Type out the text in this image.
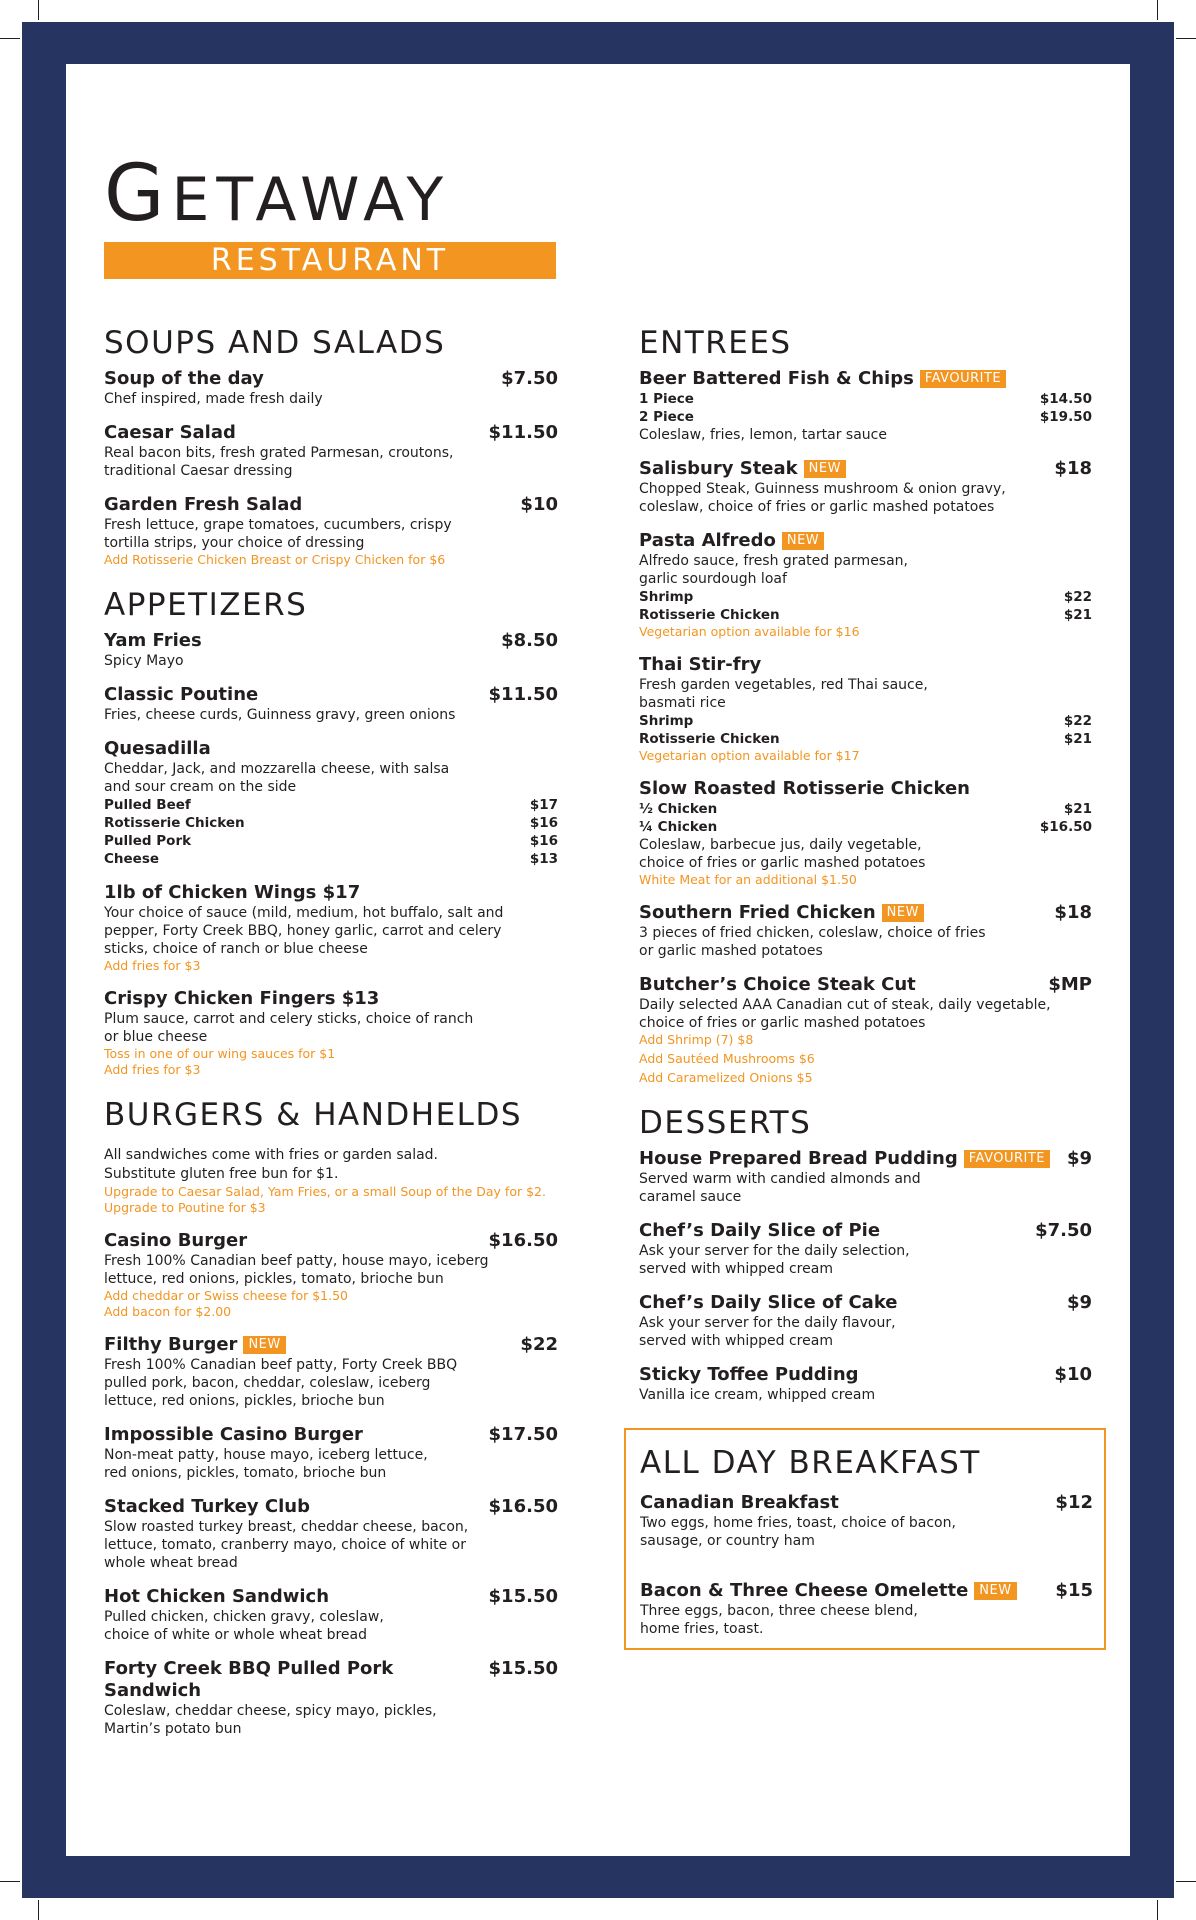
GETAWAY
RESTAURANT
SOUPS AND SALADS
Soup of the day	$7.50
Chef inspired, made fresh daily
Caesar Salad	$11.50
Real bacon bits, fresh grated Parmesan, croutons, traditional Caesar dressing
Garden Fresh Salad	$10
Fresh lettuce, grape tomatoes, cucumbers, crispy tortilla strips, your choice of dressing
Add Rotisserie Chicken Breast or Crispy Chicken for $6
APPETIZERS
Yam Fries	$8.50
Spicy Mayo
Classic Poutine	$11.50
Fries, cheese curds, Guinness gravy, green onions
Quesadilla
Cheddar, Jack, and mozzarella cheese, with salsa and sour cream on the side
Pulled Beef	$17
Rotisserie Chicken	$16
Pulled Pork	$16
Cheese	$13
1lb of Chicken Wings $17
Your choice of sauce (mild, medium, hot buffalo, salt and pepper, Forty Creek BBQ, honey garlic, carrot and celery sticks, choice of ranch or blue cheese
Add fries for $3
Crispy Chicken Fingers $13
Plum sauce, carrot and celery sticks, choice of ranch or blue cheese
Toss in one of our wing sauces for $1
Add fries for $3
BURGERS & HANDHELDS
All sandwiches come with fries or garden salad. Substitute gluten free bun for $1.
Upgrade to Caesar Salad, Yam Fries, or a small Soup of the Day for $2.
Upgrade to Poutine for $3
Casino Burger	$16.50
Fresh 100% Canadian beef patty, house mayo, iceberg lettuce, red onions, pickles, tomato, brioche bun
Add cheddar or Swiss cheese for $1.50
Add bacon for $2.00
Filthy Burger NEW	$22
Fresh 100% Canadian beef patty, Forty Creek BBQ pulled pork, bacon, cheddar, coleslaw, iceberg lettuce, red onions, pickles, brioche bun
Impossible Casino Burger	$17.50
Non-meat patty, house mayo, iceberg lettuce, red onions, pickles, tomato, brioche bun
Stacked Turkey Club	$16.50
Slow roasted turkey breast, cheddar cheese, bacon, lettuce, tomato, cranberry mayo, choice of white or whole wheat bread
Hot Chicken Sandwich	$15.50
Pulled chicken, chicken gravy, coleslaw, choice of white or whole wheat bread
Forty Creek BBQ Pulled Pork Sandwich
$15.50
Coleslaw, cheddar cheese, spicy mayo, pickles, Martin’s potato bun
ENTREES
Beer Battered Fish & Chips FAVOURITE
1 Piece	$14.50
2 Piece	$19.50
Coleslaw, fries, lemon, tartar sauce
Salisbury Steak NEW	$18
Chopped Steak, Guinness mushroom & onion gravy, coleslaw, choice of fries or garlic mashed potatoes
Pasta Alfredo NEW
Alfredo sauce, fresh grated parmesan, garlic sourdough loaf
Shrimp	$22
Rotisserie Chicken	$21
Vegetarian option available for $16
Thai Stir-fry
Fresh garden vegetables, red Thai sauce, basmati rice
Shrimp	$22
Rotisserie Chicken	$21
Vegetarian option available for $17
Slow Roasted Rotisserie Chicken
½ Chicken	$21
¼ Chicken	$16.50
Coleslaw, barbecue jus, daily vegetable, choice of fries or garlic mashed potatoes
White Meat for an additional $1.50
Southern Fried Chicken NEW	$18
3 pieces of fried chicken, coleslaw, choice of fries or garlic mashed potatoes
Butcher’s Choice Steak Cut	$MP
Daily selected AAA Canadian cut of steak, daily vegetable, choice of fries or garlic mashed potatoes
Add Shrimp (7) $8
Add Sautéed Mushrooms $6
Add Caramelized Onions $5
DESSERTS
House Prepared Bread Pudding FAVOURITE $9
Served warm with candied almonds and caramel sauce
Chef’s Daily Slice of Pie	$7.50
Ask your server for the daily selection, served with whipped cream
Chef’s Daily Slice of Cake	$9
Ask your server for the daily flavour, served with whipped cream
Sticky Toffee Pudding	$10
Vanilla ice cream, whipped cream
ALL DAY BREAKFAST
Canadian Breakfast	$12
Two eggs, home fries, toast, choice of bacon, sausage, or country ham
Bacon & Three Cheese Omelette NEW $15
Three eggs, bacon, three cheese blend, home fries, toast.
